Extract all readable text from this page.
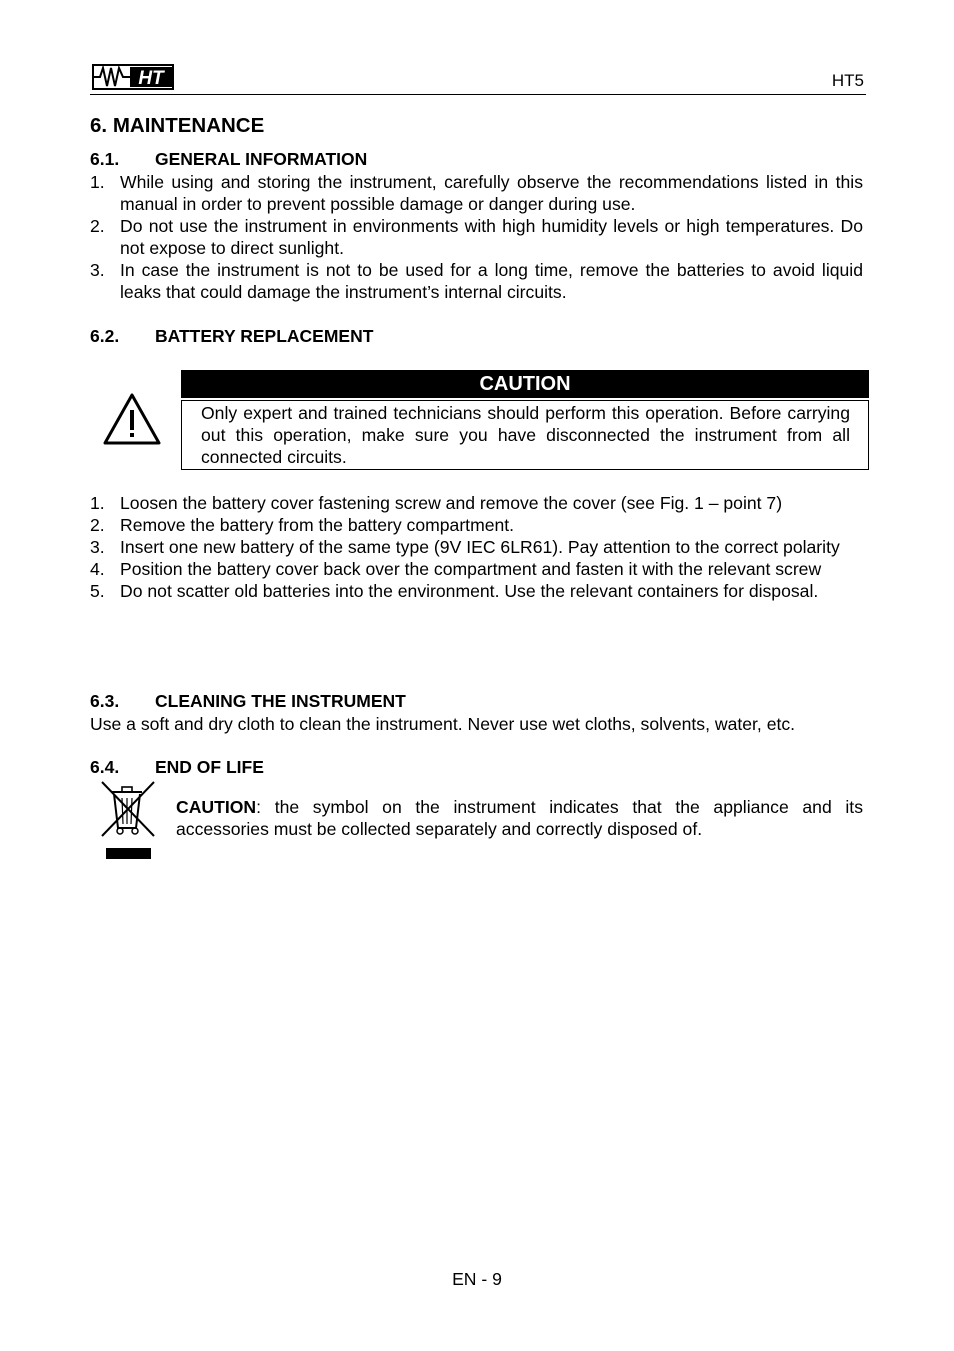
HT	HT5
6. MAINTENANCE
6.1. GENERAL INFORMATION
1. While using and storing the instrument, carefully observe the recommendations listed in this manual in order to prevent possible damage or danger during use.
2. Do not use the instrument in environments with high humidity levels or high temperatures. Do not expose to direct sunlight.
3. In case the instrument is not to be used for a long time, remove the batteries to avoid liquid leaks that could damage the instrument’s internal circuits.
6.2. BATTERY REPLACEMENT
CAUTION
Only expert and trained technicians should perform this operation. Before carrying out this operation, make sure you have disconnected the instrument from all connected circuits.
1. Loosen the battery cover fastening screw and remove the cover (see Fig. 1 – point 7)
2. Remove the battery from the battery compartment.
3. Insert one new battery of the same type (9V IEC 6LR61). Pay attention to the correct polarity
4. Position the battery cover back over the compartment and fasten it with the relevant screw
5. Do not scatter old batteries into the environment. Use the relevant containers for disposal.
6.3. CLEANING THE INSTRUMENT
Use a soft and dry cloth to clean the instrument. Never use wet cloths, solvents, water, etc.
6.4. END OF LIFE
CAUTION: the symbol on the instrument indicates that the appliance and its accessories must be collected separately and correctly disposed of.
EN - 9
